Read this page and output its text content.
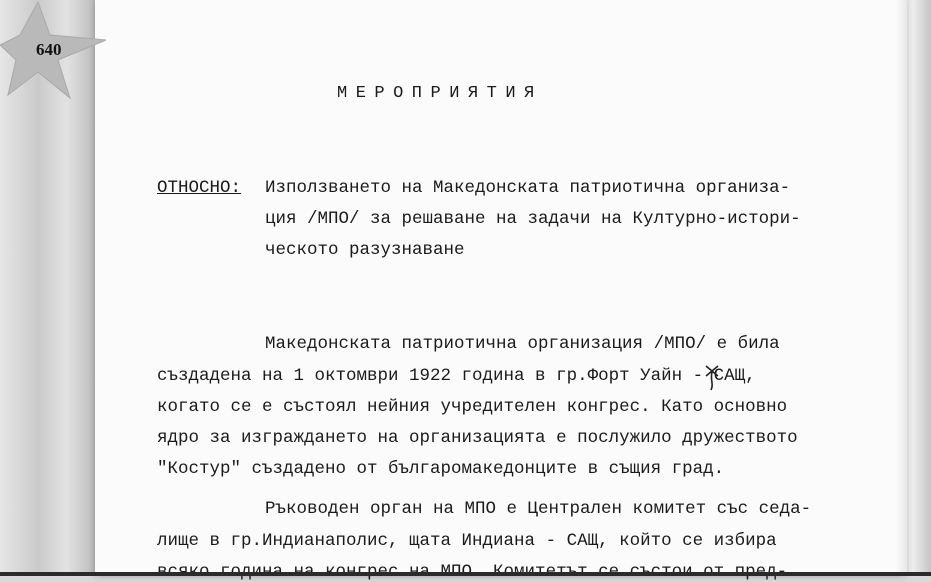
640
МЕРОПРИЯТИЯ
ОТНОСНО: Използването на Македонската патриотична организа-
ция /МПО/ за решаване на задачи на Културно-истори-
ческото разузнаване
Македонската патриотична организация /МПО/ е била
създадена на 1 октомври 1922 година в гр.Форт Уайн - САЩ,
когато се е състоял нейния учредителен конгрес. Като основно
ядро за изграждането на организацията е послужило дружеството
"Костур" създадено от българомакедонците в същия град.
Ръководен орган на МПО е Централен комитет със седа-
лище в гр.Индианаполис, щата Индиана - САЩ, който се избира
